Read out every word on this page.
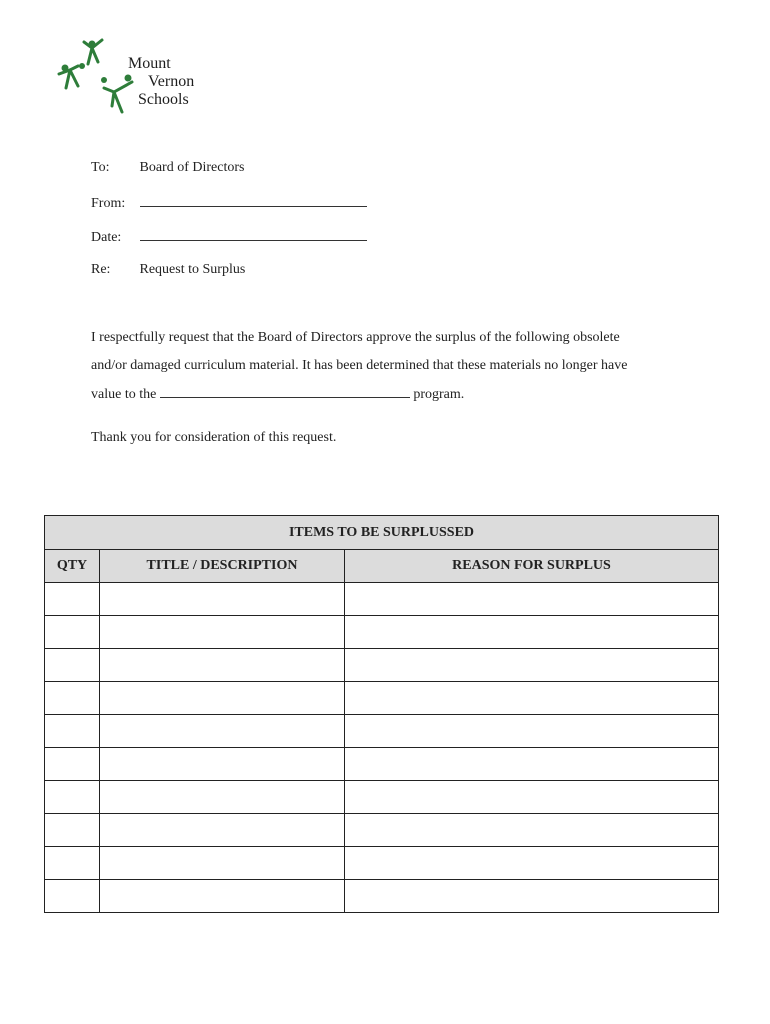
Mount
Vernon
Schools
To: Board of Directors
From:
Date:
Re: Request to Surplus
I respectfully request that the Board of Directors approve the surplus of the following obsolete
and/or damaged curriculum material. It has been determined that these materials no longer have
value to the	program.
Thank you for consideration of this request.
ITEMS TO BE SURPLUSSED		
QTY	TITLE / DESCRIPTION	REASON FOR SURPLUS
